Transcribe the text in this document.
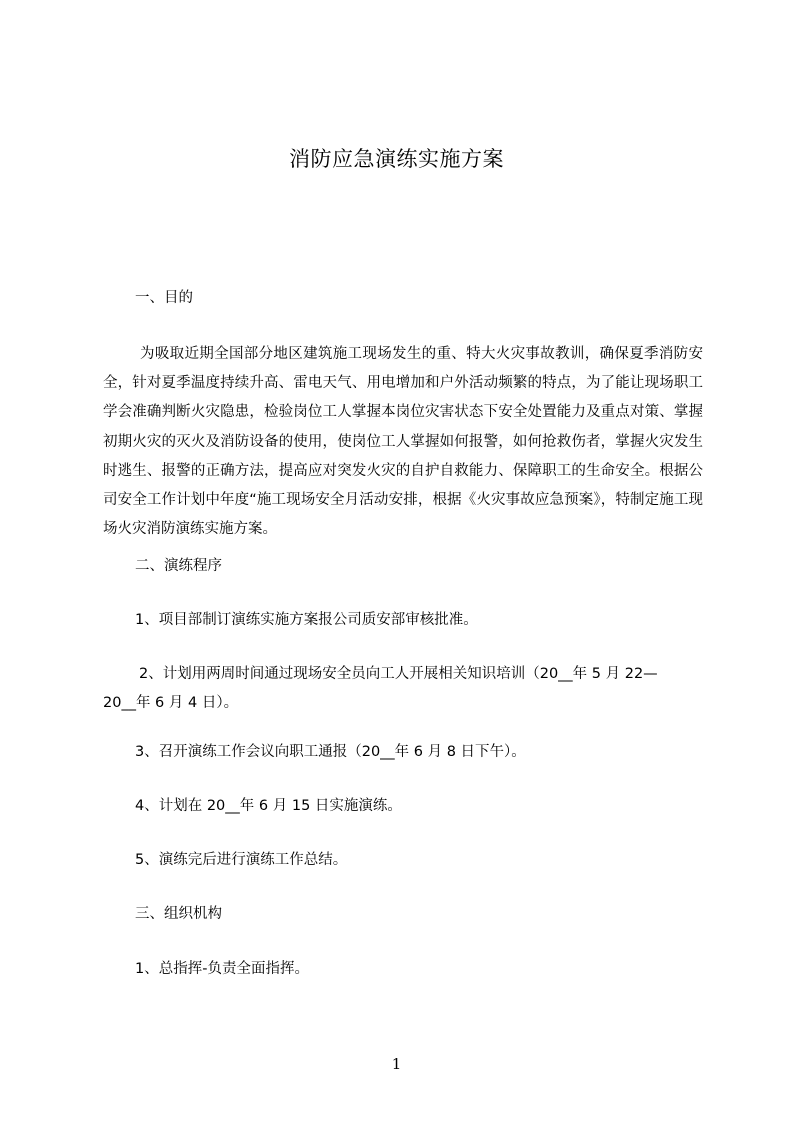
消防应急演练实施方案
一、目的
为吸取近期全国部分地区建筑施工现场发生的重、特大火灾事故教训，确保夏季消防安全，针对夏季温度持续升高、雷电天气、用电增加和户外活动频繁的特点，为了能让现场职工学会准确判断火灾隐患，检验岗位工人掌握本岗位灾害状态下安全处置能力及重点对策、掌握初期火灾的灭火及消防设备的使用，使岗位工人掌握如何报警，如何抢救伤者，掌握火灾发生时逃生、报警的正确方法，提高应对突发火灾的自护自救能力、保障职工的生命安全。根据公司安全工作计划中年度“施工现场安全月活动安排，根据《火灾事故应急预案》，特制定施工现场火灾消防演练实施方案。
二、演练程序
1、项目部制订演练实施方案报公司质安部审核批准。
2、计划用两周时间通过现场安全员向工人开展相关知识培训（20__年 5 月 22—
20__年 6 月 4 日）。
3、召开演练工作会议向职工通报（20__年 6 月 8 日下午）。
4、计划在 20__年 6 月 15 日实施演练。
5、演练完后进行演练工作总结。
三、组织机构
1、总指挥-负责全面指挥。
1
